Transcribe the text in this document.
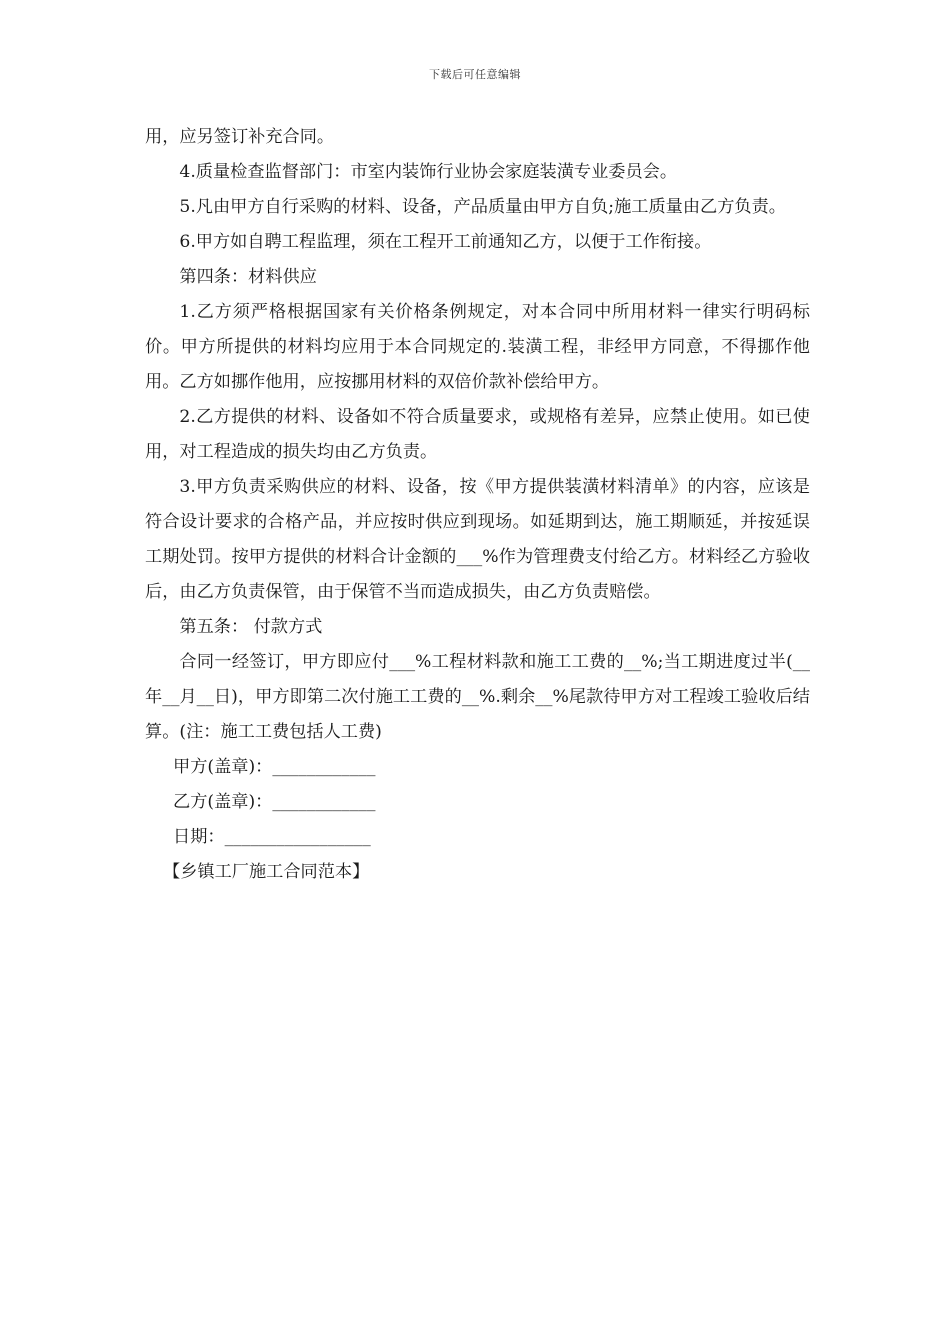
下载后可任意编辑

用，应另签订补充合同。

4.质量检查监督部门：市室内装饰行业协会家庭装潢专业委员会。

5.凡由甲方自行采购的材料、设备，产品质量由甲方自负;施工质量由乙方负责。

6.甲方如自聘工程监理，须在工程开工前通知乙方，以便于工作衔接。

第四条：材料供应

1.乙方须严格根据国家有关价格条例规定，对本合同中所用材料一律实行明码标价。甲方所提供的材料均应用于本合同规定的.装潢工程，非经甲方同意，不得挪作他用。乙方如挪作他用，应按挪用材料的双倍价款补偿给甲方。

2.乙方提供的材料、设备如不符合质量要求，或规格有差异，应禁止使用。如已使用，对工程造成的损失均由乙方负责。

3.甲方负责采购供应的材料、设备，按《甲方提供装潢材料清单》的内容，应该是符合设计要求的合格产品，并应按时供应到现场。如延期到达，施工期顺延，并按延误工期处罚。按甲方提供的材料合计金额的___%作为管理费支付给乙方。材料经乙方验收后，由乙方负责保管，由于保管不当而造成损失，由乙方负责赔偿。

第五条： 付款方式

合同一经签订，甲方即应付___%工程材料款和施工工费的__%;当工期进度过半(__年__月__日)，甲方即第二次付施工工费的__%.剩余__%尾款待甲方对工程竣工验收后结算。(注：施工工费包括人工费)

甲方(盖章)：____________

乙方(盖章)：____________

日期：_________________

【乡镇工厂施工合同范本】
